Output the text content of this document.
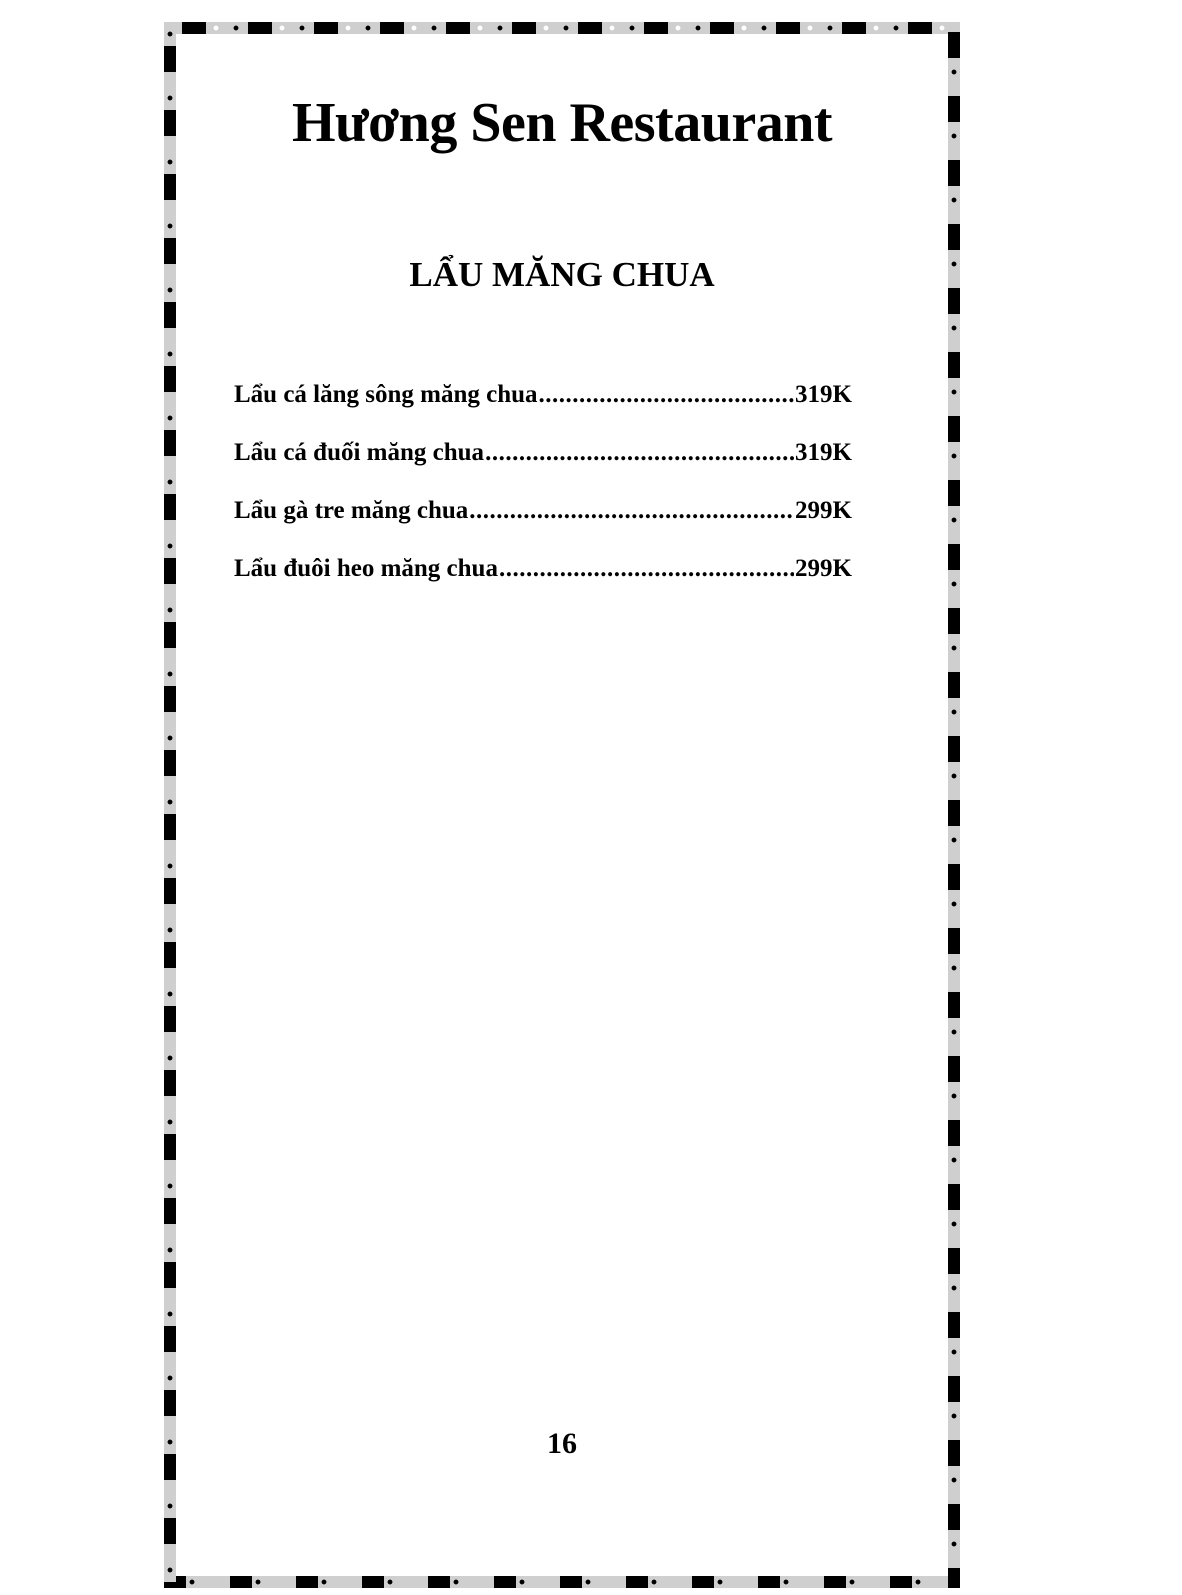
Hương Sen Restaurant
LẨU MĂNG CHUA
Lẩu cá lăng sông măng chua .....	319K
Lẩu cá đuối măng chua .....	319K
Lẩu gà tre măng chua .....	299K
Lẩu đuôi heo măng chua .....	299K
16
